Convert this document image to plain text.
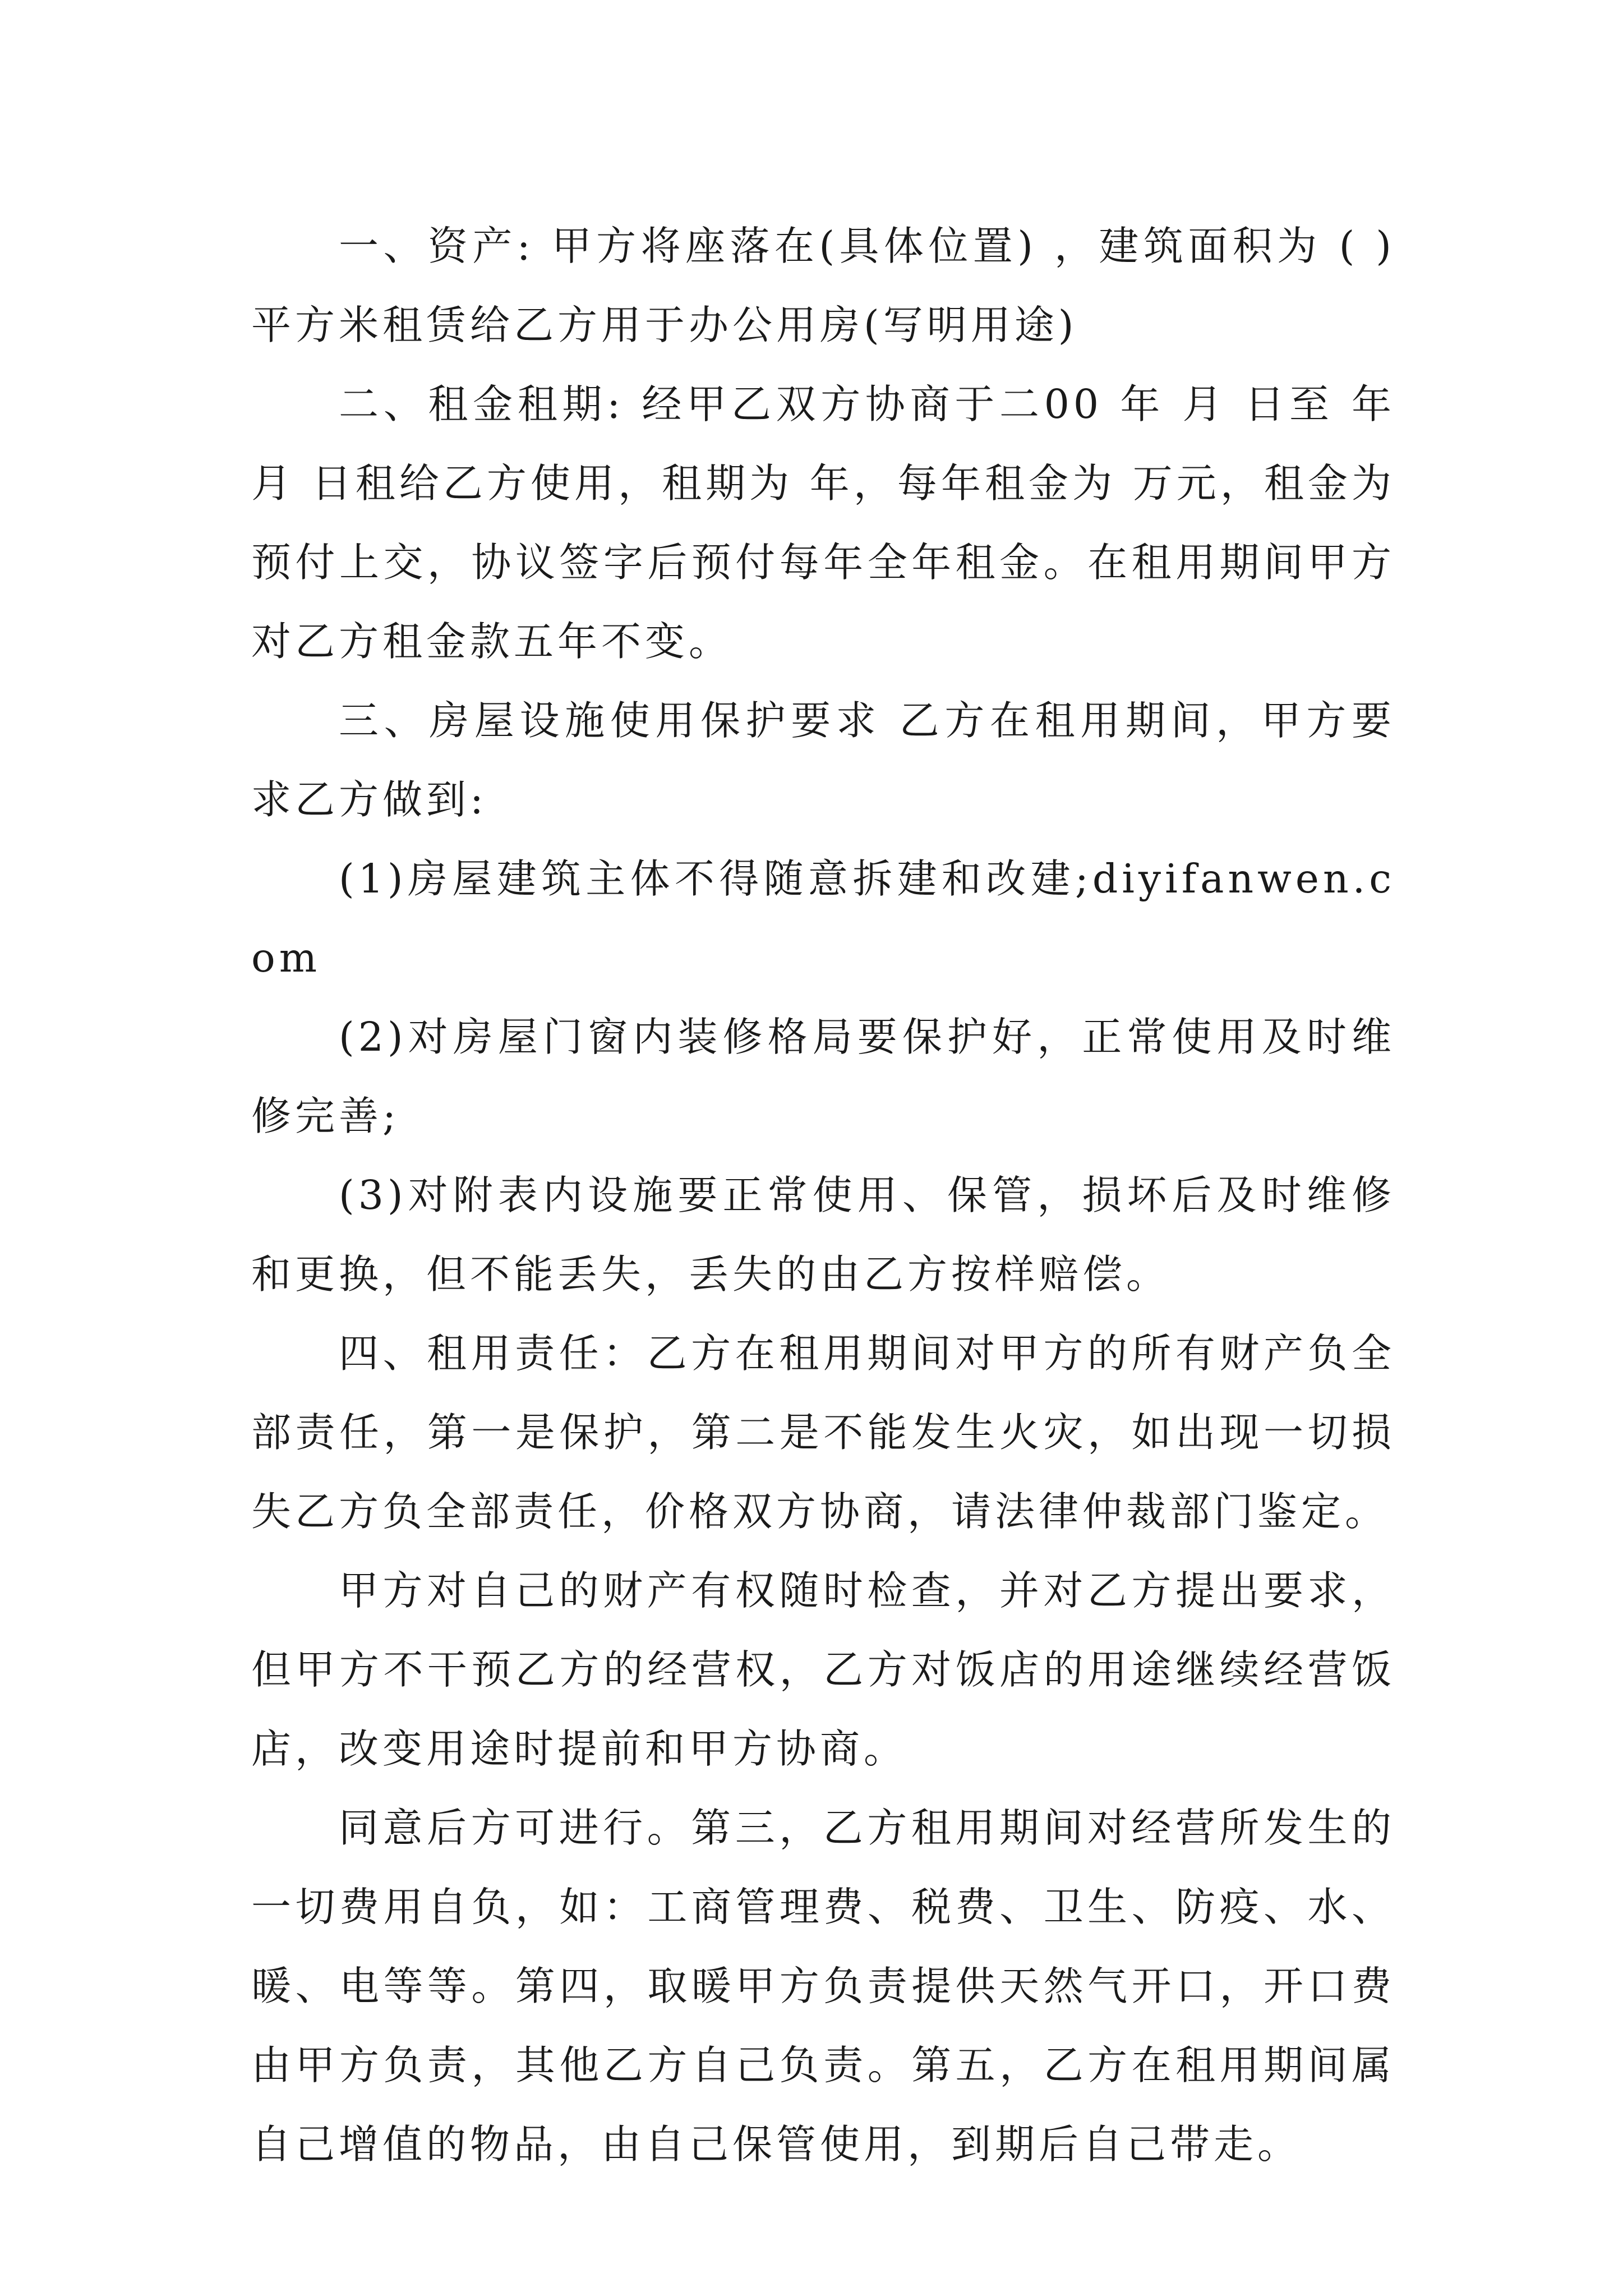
一、资产: 甲方将座落在(具体位置) ，建筑面积为 ( ) 平方米租赁给乙方用于办公用房(写明用途)

二、租金租期: 经甲乙双方协商于二00 年 月 日至 年 月 日租给乙方使用，租期为 年，每年租金为 万元，租金为预付上交，协议签字后预付每年全年租金。在租用期间甲方对乙方租金款五年不变。

三、房屋设施使用保护要求 乙方在租用期间，甲方要求乙方做到:

(1)房屋建筑主体不得随意拆建和改建;diyifanwen.com

(2)对房屋门窗内装修格局要保护好，正常使用及时维修完善;

(3)对附表内设施要正常使用、保管，损坏后及时维修和更换，但不能丢失，丢失的由乙方按样赔偿。

四、租用责任：乙方在租用期间对甲方的所有财产负全部责任，第一是保护，第二是不能发生火灾，如出现一切损失乙方负全部责任，价格双方协商，请法律仲裁部门鉴定。

甲方对自己的财产有权随时检查，并对乙方提出要求，但甲方不干预乙方的经营权，乙方对饭店的用途继续经营饭店，改变用途时提前和甲方协商。

同意后方可进行。第三，乙方租用期间对经营所发生的一切费用自负，如：工商管理费、税费、卫生、防疫、水、暖、电等等。第四，取暖甲方负责提供天然气开口，开口费由甲方负责，其他乙方自己负责。第五，乙方在租用期间属自己增值的物品，由自己保管使用，到期后自己带走。
